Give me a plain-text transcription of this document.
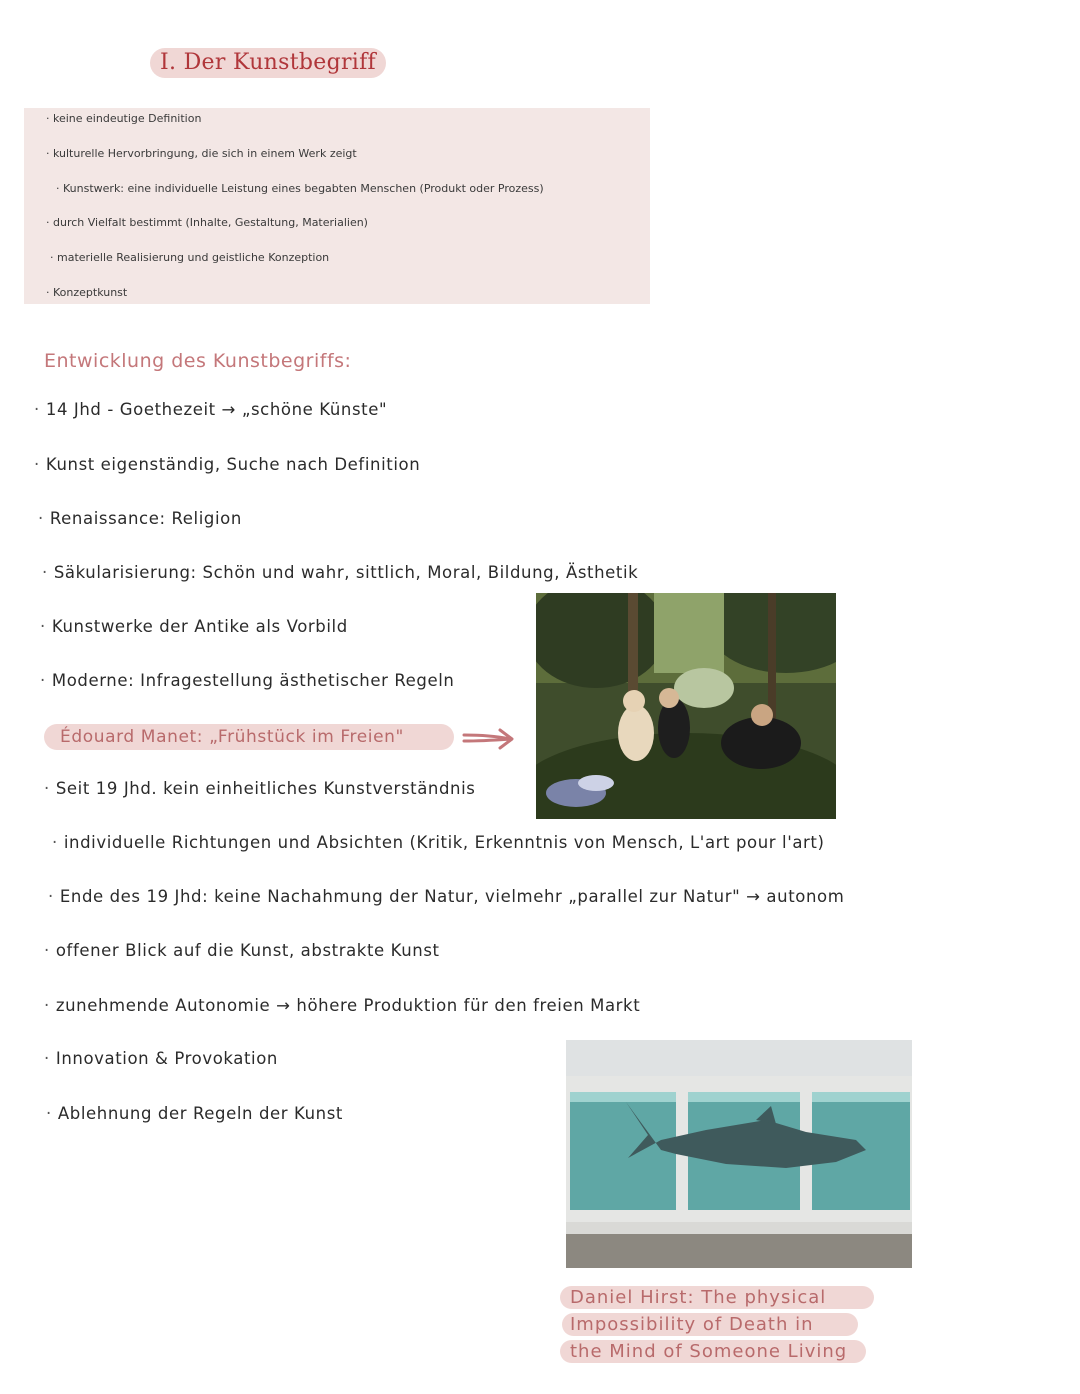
I. Der Kunstbegriff
· keine eindeutige Definition
· kulturelle Hervorbringung, die sich in einem Werk zeigt
· Kunstwerk: eine individuelle Leistung eines begabten Menschen (Produkt oder Prozess)
· durch Vielfalt bestimmt (Inhalte, Gestaltung, Materialien)
· materielle Realisierung und geistliche Konzeption
· Konzeptkunst
Entwicklung des Kunstbegriffs:
· 14 Jhd - Goethezeit → „schöne Künste"
· Kunst eigenständig, Suche nach Definition
· Renaissance: Religion
· Säkularisierung: Schön und wahr, sittlich, Moral, Bildung, Ästhetik
· Kunstwerke der Antike als Vorbild
· Moderne: Infragestellung ästhetischer Regeln
Édouard Manet: „Frühstück im Freien"
· Seit 19 Jhd. kein einheitliches Kunstverständnis
· individuelle Richtungen und Absichten (Kritik, Erkenntnis von Mensch, L'art pour l'art)
· Ende des 19 Jhd: keine Nachahmung der Natur, vielmehr „parallel zur Natur" → autonom
· offener Blick auf die Kunst, abstrakte Kunst
· zunehmende Autonomie → höhere Produktion für den freien Markt
· Innovation & Provokation
· Ablehnung der Regeln der Kunst
Daniel Hirst: The physical
Impossibility of Death in
the Mind of Someone Living
